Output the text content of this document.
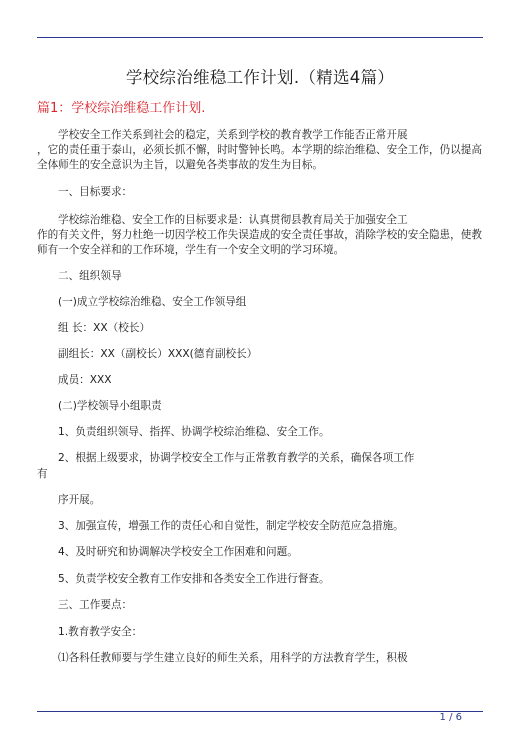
学校综治维稳工作计划.（精选4篇）
篇1：学校综治维稳工作计划.
学校安全工作关系到社会的稳定，关系到学校的教育教学工作能否正常开展
，它的责任重于泰山，必须长抓不懈，时时警钟长鸣。本学期的综治维稳、安全工作，仍以提高
全体师生的安全意识为主旨，以避免各类事故的发生为目标。
一、目标要求：
学校综治维稳、安全工作的目标要求是：认真贯彻县教育局关于加强安全工
作的有关文件，努力杜绝一切因学校工作失误造成的安全责任事故，消除学校的安全隐患，使教
师有一个安全祥和的工作环境，学生有一个安全文明的学习环境。
二、组织领导
(一)成立学校综治维稳、安全工作领导组
组 长：XX（校长）
副组长：XX（副校长）XXX(德育副校长）
成员：XXX
(二)学校领导小组职责
1、负责组织领导、指挥、协调学校综治维稳、安全工作。
2、根据上级要求，协调学校安全工作与正常教育教学的关系，确保各项工作
有
序开展。
3、加强宣传，增强工作的责任心和自觉性，制定学校安全防范应急措施。
4、及时研究和协调解决学校安全工作困难和问题。
5、负责学校安全教育工作安排和各类安全工作进行督查。
三、工作要点：
1.教育教学安全：
⑴各科任教师要与学生建立良好的师生关系，用科学的方法教育学生，积极
1 / 6
